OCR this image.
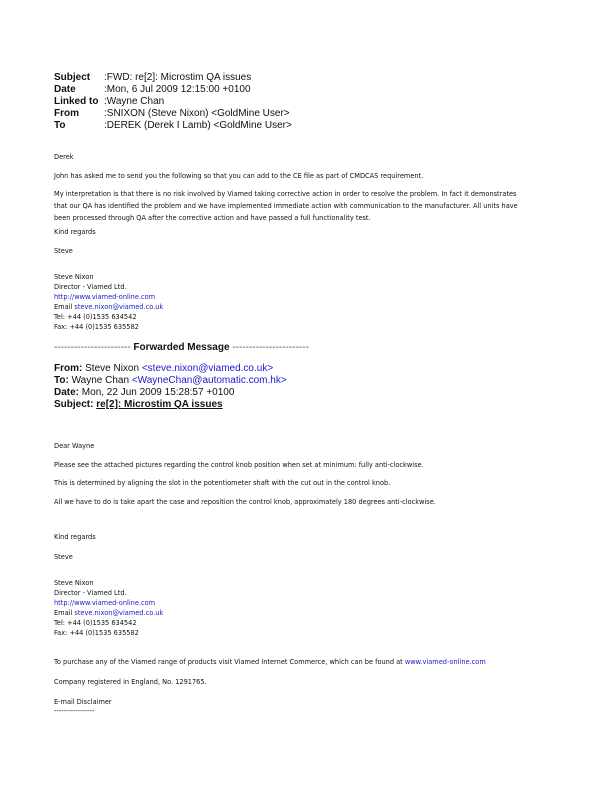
Subject :FWD: re[2]: Microstim QA issues
Date	:Mon, 6 Jul 2009 12:15:00 +0100
Linked to :Wayne Chan
From	:SNIXON (Steve Nixon) <GoldMine User>
To	:DEREK (Derek I Lamb) <GoldMine User>
Derek
John has asked me to send you the following so that you can add to the CE file as part of CMDCAS requirement.
My interpretation is that there is no risk involved by Viamed taking corrective action in order to resolve the problem. In fact it demonstrates
that our QA has identified the problem and we have implemented immediate action with communication to the manufacturer. All units have
been processed through QA after the corrective action and have passed a full functionality test.
Kind regards
Steve
Steve Nixon
Director - Viamed Ltd.
http://www.viamed-online.com
Email steve.nixon@viamed.co.uk
Tel: +44 (0)1535 634542
Fax: +44 (0)1535 635582
----------------------- Forwarded Message -----------------------
From: Steve Nixon <steve.nixon@viamed.co.uk>
To: Wayne Chan <WayneChan@automatic.com.hk>
Date: Mon, 22 Jun 2009 15:28:57 +0100
Subject: re[2]: Microstim QA issues
Dear Wayne
Please see the attached pictures regarding the control knob position when set at minimum: fully anti-clockwise.
This is determined by aligning the slot in the potentiometer shaft with the cut out in the control knob.
All we have to do is take apart the case and reposition the control knob, approximately 180 degrees anti-clockwise.
Kind regards
Steve
Steve Nixon
Director - Viamed Ltd.
http://www.viamed-online.com
Email steve.nixon@viamed.co.uk
Tel: +44 (0)1535 634542
Fax: +44 (0)1535 635582
To purchase any of the Viamed range of products visit Viamed Internet Commerce, which can be found at www.viamed-online.com
Company registered in England, No. 1291765.
E-mail Disclaimer
-----------------
